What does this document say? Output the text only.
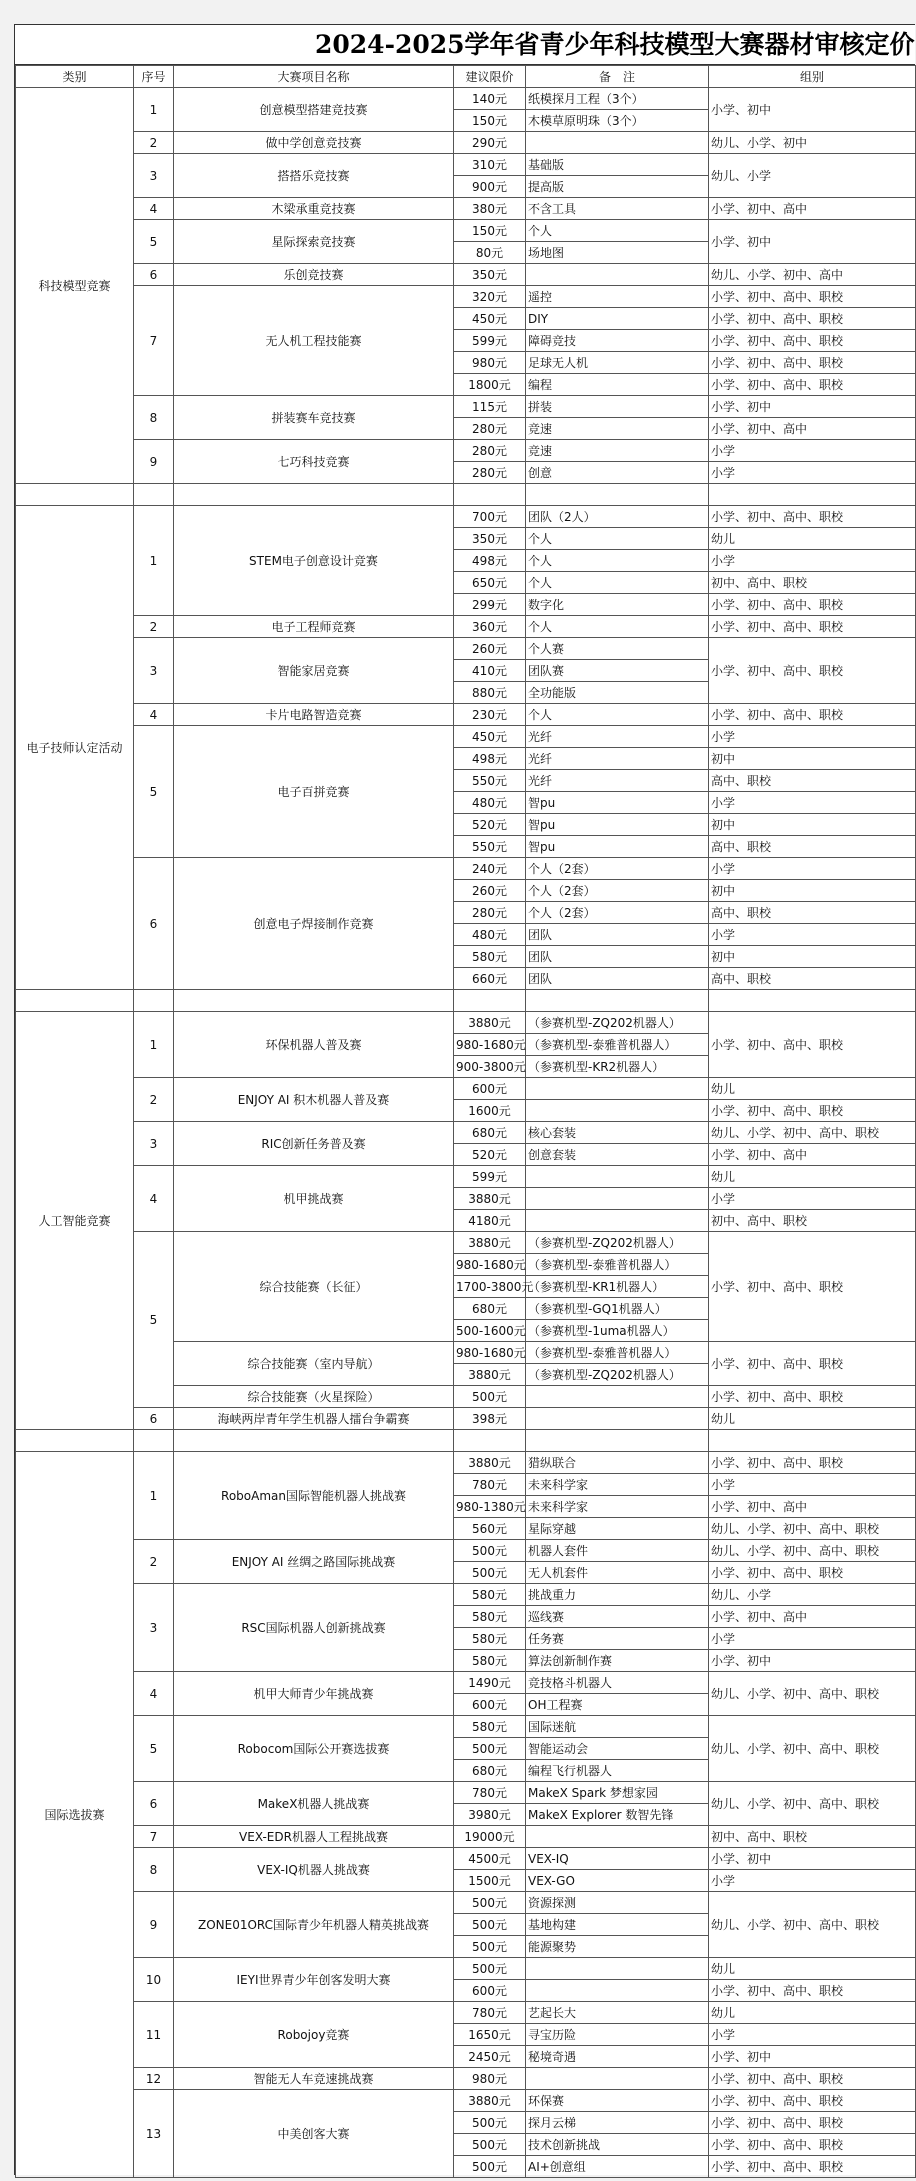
2024-2025学年省青少年科技模型大赛器材审核定价
类别	序号	大赛项目名称	建议限价	备　注	组别
科技模型竞赛	1	创意模型搭建竞技赛	140元	纸模探月工程（3个）	小学、初中
			150元	木模草原明珠（3个）	
	2	做中学创意竞技赛	290元		幼儿、小学、初中
	3	搭搭乐竞技赛	310元	基础版	幼儿、小学
			900元	提高版	
	4	木梁承重竞技赛	380元	不含工具	小学、初中、高中
	5	星际探索竞技赛	150元	个人	小学、初中
			80元	场地图	
	6	乐创竞技赛	350元		幼儿、小学、初中、高中
	7	无人机工程技能赛	320元	遥控	小学、初中、高中、职校
			450元	DIY	小学、初中、高中、职校
			599元	障碍竞技	小学、初中、高中、职校
			980元	足球无人机	小学、初中、高中、职校
			1800元	编程	小学、初中、高中、职校
	8	拼装赛车竞技赛	115元	拼装	小学、初中
			280元	竞速	小学、初中、高中
	9	七巧科技竞赛	280元	竞速	小学
			280元	创意	小学

电子技师认定活动	1	STEM电子创意设计竞赛	700元	团队（2人）	小学、初中、高中、职校
			350元	个人	幼儿
			498元	个人	小学
			650元	个人	初中、高中、职校
			299元	数字化	小学、初中、高中、职校
	2	电子工程师竞赛	360元	个人	小学、初中、高中、职校
	3	智能家居竞赛	260元	个人赛	小学、初中、高中、职校
			410元	团队赛	
			880元	全功能版	
	4	卡片电路智造竞赛	230元	个人	小学、初中、高中、职校
	5	电子百拼竞赛	450元	光纤	小学
			498元	光纤	初中
			550元	光纤	高中、职校
			480元	智pu	小学
			520元	智pu	初中
			550元	智pu	高中、职校
	6	创意电子焊接制作竞赛	240元	个人（2套）	小学
			260元	个人（2套）	初中
			280元	个人（2套）	高中、职校
			480元	团队	小学
			580元	团队	初中
			660元	团队	高中、职校

人工智能竞赛	1	环保机器人普及赛	3880元	（参赛机型-ZQ202机器人）	小学、初中、高中、职校
			980-1680元	（参赛机型-泰雅普机器人）	
			900-3800元	（参赛机型-KR2机器人）	
	2	ENJOY AI 积木机器人普及赛	600元		幼儿
			1600元		小学、初中、高中、职校
	3	RIC创新任务普及赛	680元	核心套装	幼儿、小学、初中、高中、职校
			520元	创意套装	小学、初中、高中
	4	机甲挑战赛	599元		幼儿
			3880元		小学
			4180元		初中、高中、职校
	5	综合技能赛（长征）	3880元	（参赛机型-ZQ202机器人）	小学、初中、高中、职校
			980-1680元	（参赛机型-泰雅普机器人）	
			1700-3800元	（参赛机型-KR1机器人）	
			680元	（参赛机型-GQ1机器人）	
			500-1600元	（参赛机型-1uma机器人）	
		综合技能赛（室内导航）	980-1680元	（参赛机型-泰雅普机器人）	小学、初中、高中、职校
			3880元	（参赛机型-ZQ202机器人）	
		综合技能赛（火星探险）	500元		小学、初中、高中、职校
	6	海峡两岸青年学生机器人擂台争霸赛	398元		幼儿

国际选拔赛	1	RoboAman国际智能机器人挑战赛	3880元	猎纵联合	小学、初中、高中、职校
			780元	未来科学家	小学
			980-1380元	未来科学家	小学、初中、高中
			560元	星际穿越	幼儿、小学、初中、高中、职校
	2	ENJOY AI 丝绸之路国际挑战赛	500元	机器人套件	幼儿、小学、初中、高中、职校
			500元	无人机套件	小学、初中、高中、职校
	3	RSC国际机器人创新挑战赛	580元	挑战重力	幼儿、小学
			580元	巡线赛	小学、初中、高中
			580元	任务赛	小学
			580元	算法创新制作赛	小学、初中
	4	机甲大师青少年挑战赛	1490元	竞技格斗机器人	幼儿、小学、初中、高中、职校
			600元	OH工程赛	
	5	Robocom国际公开赛选拔赛	580元	国际迷航	幼儿、小学、初中、高中、职校
			500元	智能运动会	
			680元	编程飞行机器人	
	6	MakeX机器人挑战赛	780元	MakeX Spark 梦想家园	幼儿、小学、初中、高中、职校
			3980元	MakeX Explorer 数智先锋	
	7	VEX-EDR机器人工程挑战赛	19000元		初中、高中、职校
	8	VEX-IQ机器人挑战赛	4500元	VEX-IQ	小学、初中
			1500元	VEX-GO	小学
	9	ZONE01ORC国际青少年机器人精英挑战赛	500元	资源探测	幼儿、小学、初中、高中、职校
			500元	基地构建	
			500元	能源聚势	
	10	IEYI世界青少年创客发明大赛	500元		幼儿
			600元		小学、初中、高中、职校
	11	Robojoy竞赛	780元	艺起长大	幼儿
			1650元	寻宝历险	小学
			2450元	秘境奇遇	小学、初中
	12	智能无人车竞速挑战赛	980元		小学、初中、高中、职校
	13	中美创客大赛	3880元	环保赛	小学、初中、高中、职校
			500元	探月云梯	小学、初中、高中、职校
			500元	技术创新挑战	小学、初中、高中、职校
			500元	AI+创意组	小学、初中、高中、职校
